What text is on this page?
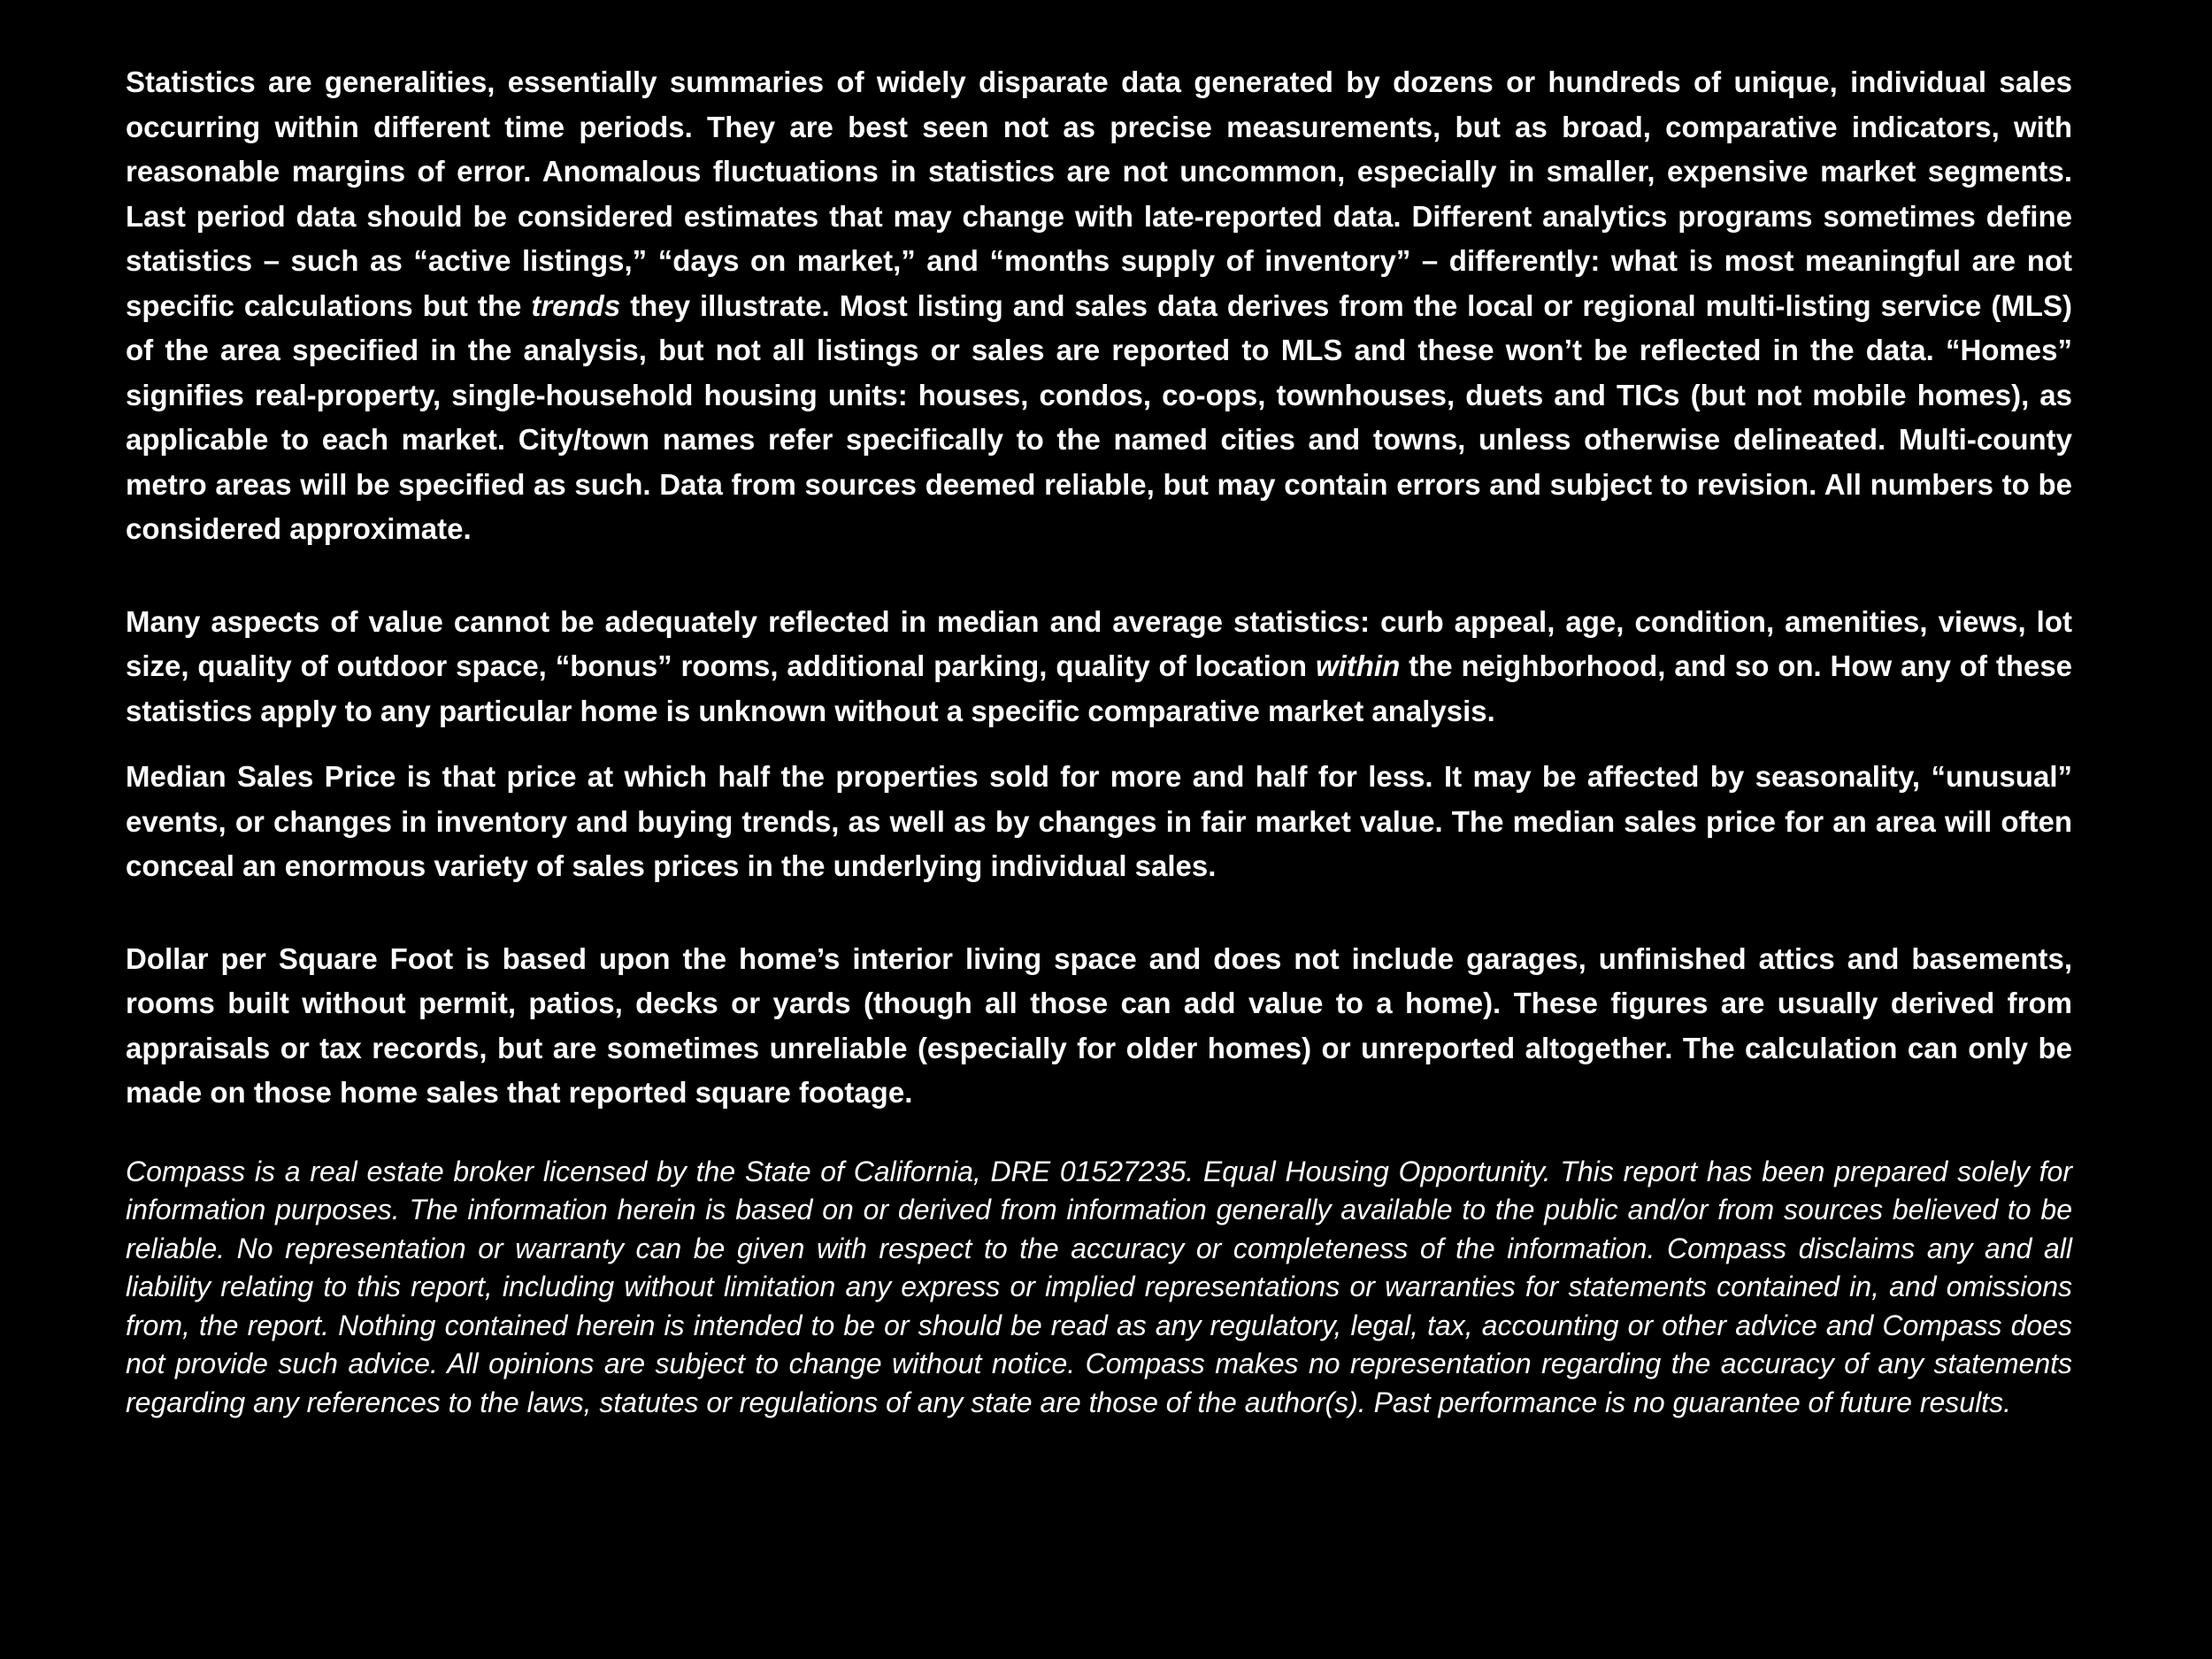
Statistics are generalities, essentially summaries of widely disparate data generated by dozens or hundreds of unique, individual sales occurring within different time periods. They are best seen not as precise measurements, but as broad, comparative indicators, with reasonable margins of error. Anomalous fluctuations in statistics are not uncommon, especially in smaller, expensive market segments. Last period data should be considered estimates that may change with late-reported data. Different analytics programs sometimes define statistics – such as “active listings,” “days on market,” and “months supply of inventory” – differently: what is most meaningful are not specific calculations but the trends they illustrate. Most listing and sales data derives from the local or regional multi-listing service (MLS) of the area specified in the analysis, but not all listings or sales are reported to MLS and these won’t be reflected in the data. “Homes” signifies real-property, single-household housing units: houses, condos, co-ops, townhouses, duets and TICs (but not mobile homes), as applicable to each market. City/town names refer specifically to the named cities and towns, unless otherwise delineated. Multi-county metro areas will be specified as such. Data from sources deemed reliable, but may contain errors and subject to revision. All numbers to be considered approximate.

Many aspects of value cannot be adequately reflected in median and average statistics: curb appeal, age, condition, amenities, views, lot size, quality of outdoor space, “bonus” rooms, additional parking, quality of location within the neighborhood, and so on. How any of these statistics apply to any particular home is unknown without a specific comparative market analysis.

Median Sales Price is that price at which half the properties sold for more and half for less. It may be affected by seasonality, “unusual” events, or changes in inventory and buying trends, as well as by changes in fair market value. The median sales price for an area will often conceal an enormous variety of sales prices in the underlying individual sales.

Dollar per Square Foot is based upon the home’s interior living space and does not include garages, unfinished attics and basements, rooms built without permit, patios, decks or yards (though all those can add value to a home). These figures are usually derived from appraisals or tax records, but are sometimes unreliable (especially for older homes) or unreported altogether. The calculation can only be made on those home sales that reported square footage.

Compass is a real estate broker licensed by the State of California, DRE 01527235. Equal Housing Opportunity. This report has been prepared solely for information purposes. The information herein is based on or derived from information generally available to the public and/or from sources believed to be reliable. No representation or warranty can be given with respect to the accuracy or completeness of the information. Compass disclaims any and all liability relating to this report, including without limitation any express or implied representations or warranties for statements contained in, and omissions from, the report. Nothing contained herein is intended to be or should be read as any regulatory, legal, tax, accounting or other advice and Compass does not provide such advice. All opinions are subject to change without notice. Compass makes no representation regarding the accuracy of any statements regarding any references to the laws, statutes or regulations of any state are those of the author(s). Past performance is no guarantee of future results.
